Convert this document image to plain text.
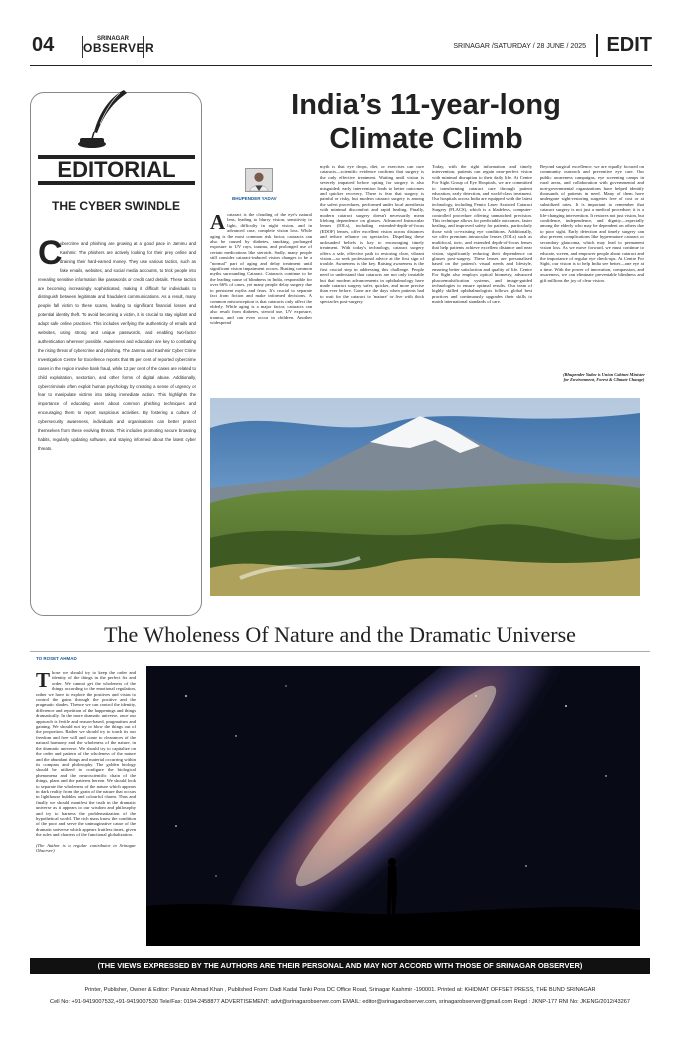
04	SRINAGAR
OBSERVER	SRINAGAR /SATURDAY / 28 JUNE / 2025	EDIT
EDITORIAL
THE CYBER SWINDLE
C
ybercrime and phishing are growing at a good pace in Jammu and Kashmir. The phishers are actively looking for their prey online and draining their hard-earned money. They use various tactics, such as fake emails, websites, and social media accounts, to trick people into revealing sensitive information like passwords or credit card details. These tactics are becoming increasingly sophisticated, making it difficult for individuals to distinguish between legitimate and fraudulent communications. As a result, many people fall victim to these scams, leading to significant financial losses and potential identity theft. To avoid becoming a victim, it is crucial to stay vigilant and adopt safe online practices. This includes verifying the authenticity of emails and websites, using strong and unique passwords, and enabling two-factor authentication wherever possible. Awareness and education are key to combating the rising threat of cybercrime and phishing. The Jammu and Kashmir Cyber Crime Investigation Centre for Excellence reports that 95 per cent of reported cybercrime cases in the region involve bank fraud, while 12 per cent of the cases are related to child exploitation, sextortion, and other forms of digital abuse. Additionally, cybercriminals often exploit human psychology by creating a sense of urgency or fear to manipulate victims into taking immediate action. This highlights the importance of educating users about common phishing techniques and encouraging them to report suspicious activities. By fostering a culture of cybersecurity awareness, individuals and organisations can better protect themselves from these evolving threats. This includes promoting secure browsing habits, regularly updating software, and staying informed about the latest cyber threats.
India’s 11-year-long
Climate Climb
BHUPENDER YADAV
Acataract is the clouding of the eye's natural lens, leading to blurry vision, sensitivity to light, difficulty in night vision, and in advanced case, complete vision loss. While aging is the most common risk factor, cataracts can also be caused by diabetes, smoking, prolonged exposure to UV rays, trauma, and prolonged use of certain medications like steroids. Sadly, many people still consider cataract-induced vision changes to be a "normal" part of aging and delay treatment until significant vision impairment occurs. Busting common myths surrounding Cataract. Cataracts continue to be the leading cause of blindness in India, responsible for over 66% of cases, yet many people delay surgery due to persistent myths and fears. It's crucial to separate fact from fiction and make informed decisions. A common misconception is that cataracts only affect the elderly. While aging is a major factor, cataracts can also result from diabetes, steroid use, UV exposure, trauma, and can even occur in children. Another widespread
myth is that eye drops, diet, or exercises can cure cataracts—scientific evidence confirms that surgery is the only effective treatment. Waiting until vision is severely impaired before opting for surgery is also misguided; early intervention leads to better outcomes and quicker recovery. There is fear that surgery is painful or risky, but modern cataract surgery is among the safest procedures, performed under local anesthesia with minimal discomfort and rapid healing. Finally, modern cataract surgery doesn't necessarily mean lifelong dependence on glasses. Advanced Intraocular lenses (IOLs), including extended-depth-of-focus (EDOF) lenses, offer excellent vision across distances and reduce reliance on spectacles. Dispelling these unfounded beliefs is key to encouraging timely treatment. With today's technology, cataract surgery offers a safe, effective path to restoring clear, vibrant vision—so seek professional advice at the first sign of trouble. Awareness is the key. Raising awareness is the first crucial step in addressing this challenge. People need to understand that cataracts are not only treatable but that modern advancements in ophthalmology have made cataract surgery safer, quicker, and more precise than ever before. Gone are the days when patients had to wait for the cataract to 'mature' or live with thick spectacles post-surgery.
Today, with the right information and timely intervention, patients can regain near-perfect vision with minimal disruption to their daily life. At Centre For Sight Group of Eye Hospitals, we are committed to transforming cataract care through patient education, early detection, and world-class treatment. Our hospitals across India are equipped with the latest technology, including Femto Laser Assisted Cataract Surgery (FLACS), which is a bladeless, computer-controlled procedure offering unmatched precision. This technique allows for predictable outcomes, faster healing, and improved safety for patients, particularly those with co-existing eye conditions. Additionally, we offer premium intraocular lenses (IOLs) such as multifocal, toric, and extended depth-of-focus lenses that help patients achieve excellent distance and near vision, significantly reducing their dependence on glasses post-surgery. These lenses are personalised based on the patient's visual needs and lifestyle, ensuring better satisfaction and quality of life. Centre For Sight also employs optical biometry, advanced phacoemulsification systems, and image-guided technologies to ensure optimal results. Our team of highly skilled ophthalmologists follows global best practices and continuously upgrades their skills to match international standards of care.
Beyond surgical excellence, we are equally focused on community outreach and preventive eye care. Our public awareness campaigns, eye screening camps in rural areas, and collaboration with governmental and non-governmental organizations have helped identify thousands of patients in need. Many of them have undergone sight-restoring surgeries free of cost or at subsidized rates. It is important to remember that cataract surgery is not just a medical procedure; it is a life-changing intervention. It restores not just vision, but confidence, independence, and dignity—especially among the elderly who may be dependent on others due to poor sight. Early detection and timely surgery can also prevent complications like hypermature cataract or secondary glaucoma, which may lead to permanent vision loss. As we move forward, we must continue to educate, screen, and empower people about cataract and the importance of regular eye check-ups. At Centre For Sight, our vision is to help India see better—one eye at a time. With the power of innovation, compassion, and awareness, we can eliminate preventable blindness and gift millions the joy of clear vision.
(Bhupender Yadav is Union Cabinet Minister for Environment, Forest & Climate Change)
The Wholeness Of Nature and the Dramatic Universe
TO ROSET AHMAD
Those we should try to keep the order and identity of the things in the perfect fix and order. We cannot get the wholeness of the things according to the emotional regulation, rather we have to explore the positives and vistas to control the gains through the positive and the pragmatic shades. Thence we can control the identity, difference and repetition of the happenings and things dramatically. In the more dramatic universe, once our approach is fertile and reason-based, pragmatism and gaining. We should not try to blow the things out of the proportion. Rather we should try to touch its our freedom and free will and come to clearances of the natural harmony and the wholeness of the nature, in the dramatic universe. We should try to capitalize on the order and pattern of the wholeness of the nature and the abundant things and material occurring within its compass and philosophy. The golden biology should be utilized to configure the biological phenomena and the neuroscientific chain of the things, plans and the patterns hereon. We should look to separate the wholeness of the nature which appears in dark reality from the grain of the nature that occurs in lighthouse bubbles and colourful charm. Thus and finally we should manifest the truth in the dramatic universe as it appears to our wisdom and philosophy and try to harness the problematization of the hypothetical world. The rich mass know the condition of the poor and serve the unimaginative cause of the dramatic universe which appears fruitless times, given the rules and charters of the functional globalization.

(The Author is a regular contributor to Srinagar Observer)
(THE VIEWS EXPRESSED BY THE AUTHORS ARE THEIR PERSONAL AND MAY NOT ACCORD WITH THOSE OF SRINAGAR OBSERVER)
Printer, Publisher, Owner & Editor: Parvaiz Ahmad Khan , Published From: Dadi Kadal Tanki Pora DC Office Road, Srinagar Kashmir -190001. Printed at: KHIDMAT OFFSET PRESS, THE BUND SRINAGAR
Cell No: +91-9419007532,+91-9419007530 Tele/Fax: 0194-2458877 ADVERTISEMENT: advt@srinagarobserver.com EMAIL: editor@srinagarobserver.com, srinagarobserver@gmail.com Regd : JKNP-177 RNI No: JKENG/2012/43267
